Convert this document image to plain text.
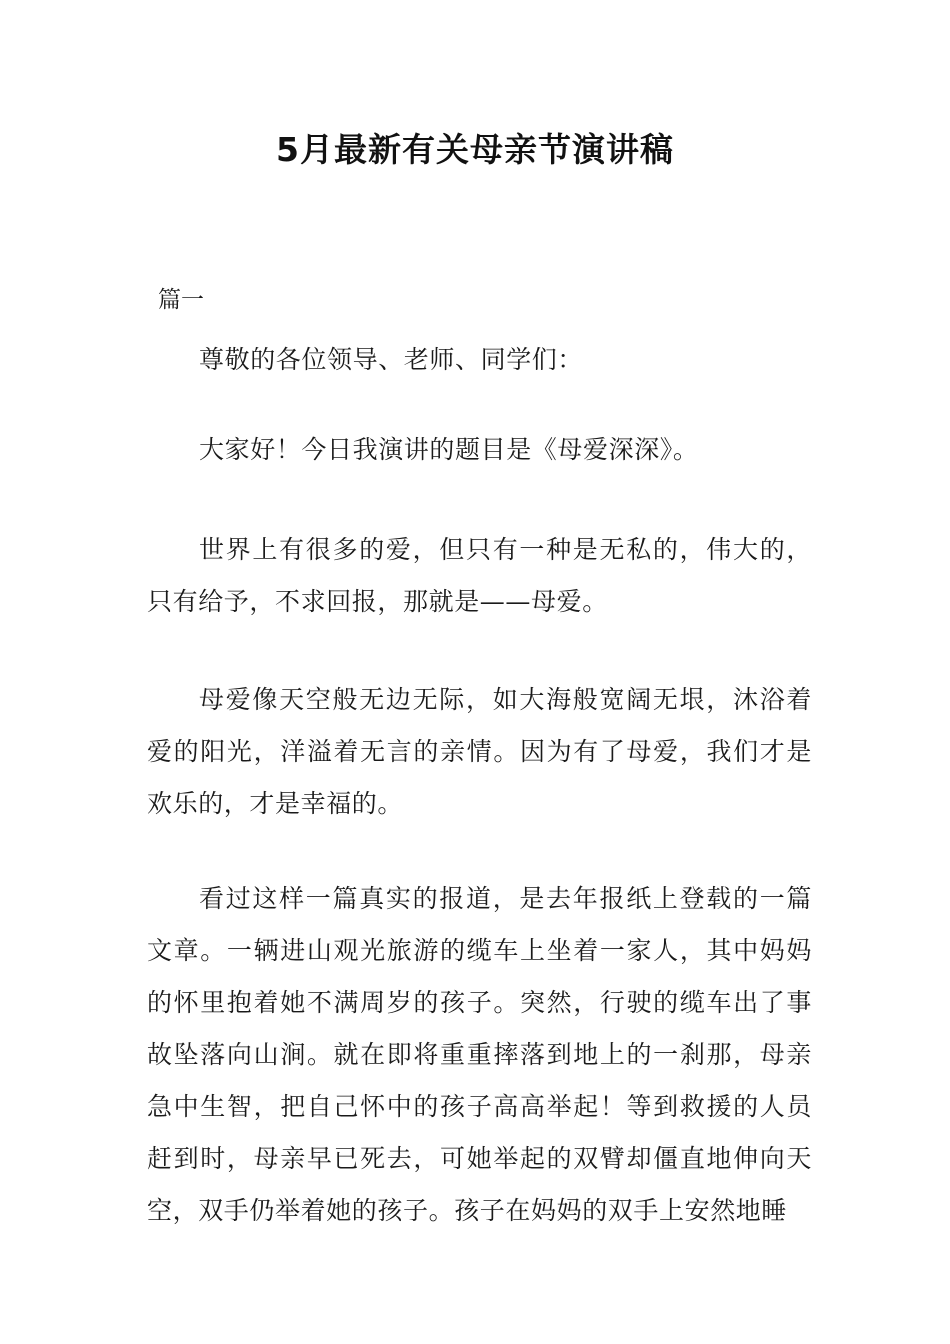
5月最新有关母亲节演讲稿

篇一

尊敬的各位领导、老师、同学们：

大家好！今日我演讲的题目是《母爱深深》。

世界上有很多的爱，但只有一种是无私的，伟大的，只有给予，不求回报，那就是——母爱。

母爱像天空般无边无际，如大海般宽阔无垠，沐浴着爱的阳光，洋溢着无言的亲情。因为有了母爱，我们才是欢乐的，才是幸福的。

看过这样一篇真实的报道，是去年报纸上登载的一篇文章。一辆进山观光旅游的缆车上坐着一家人，其中妈妈的怀里抱着她不满周岁的孩子。突然，行驶的缆车出了事故坠落向山涧。就在即将重重摔落到地上的一刹那，母亲急中生智，把自己怀中的孩子高高举起！等到救援的人员赶到时，母亲早已死去，可她举起的双臂却僵直地伸向天空，双手仍举着她的孩子。孩子在妈妈的双手上安然地睡
